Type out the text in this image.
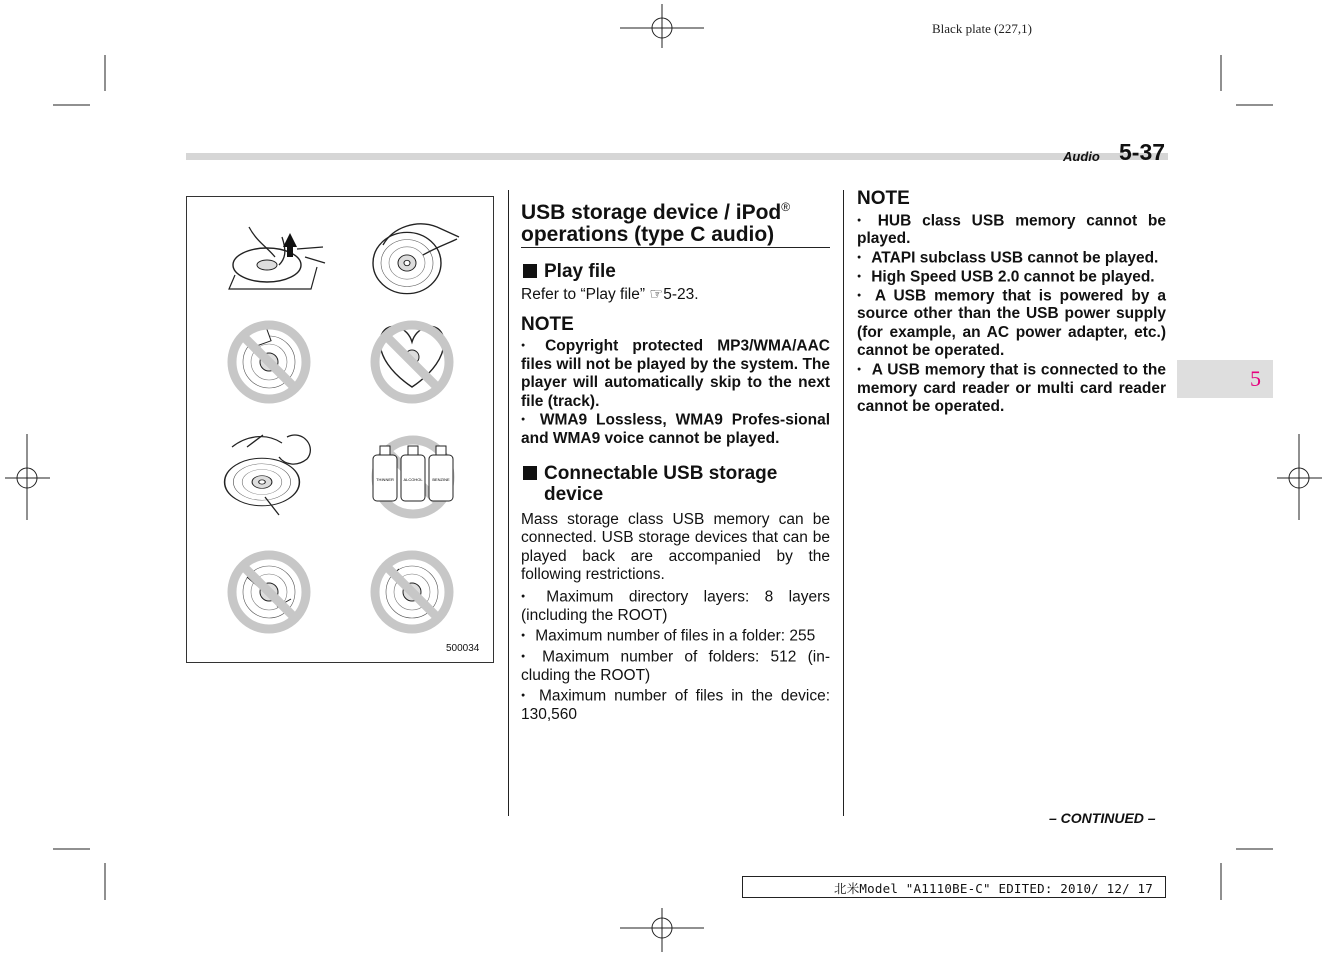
Black plate (227,1)
Audio 5-37
5
THINNER ALCOHOL BENZINE
500034
USB storage device / iPod®
operations (type C audio)
Play file

Refer to “Play file” ☞5-23.

NOTE

● Copyright protected MP3/WMA/AAC files will not be played by the system. The player will automatically skip to the next file (track).

● WMA9 Lossless, WMA9 Profes-sional and WMA9 voice cannot be played.

Connectable USB storage
device

Mass storage class USB memory can be connected. USB storage devices that can be played back are accompanied by the following restrictions.

● Maximum directory layers: 8 layers (including the ROOT)

● Maximum number of files in a folder: 255

● Maximum number of folders: 512 (in-cluding the ROOT)

● Maximum number of files in the device: 130,560

NOTE

● HUB class USB memory cannot be played.

● ATAPI subclass USB cannot be played.

● High Speed USB 2.0 cannot be played.

● A USB memory that is powered by a source other than the USB power supply (for example, an AC power adapter, etc.) cannot be operated.

● A USB memory that is connected to the memory card reader or multi card reader cannot be operated.

– CONTINUED –
北米Model "A1110BE-C" EDITED: 2010/ 12/ 17
